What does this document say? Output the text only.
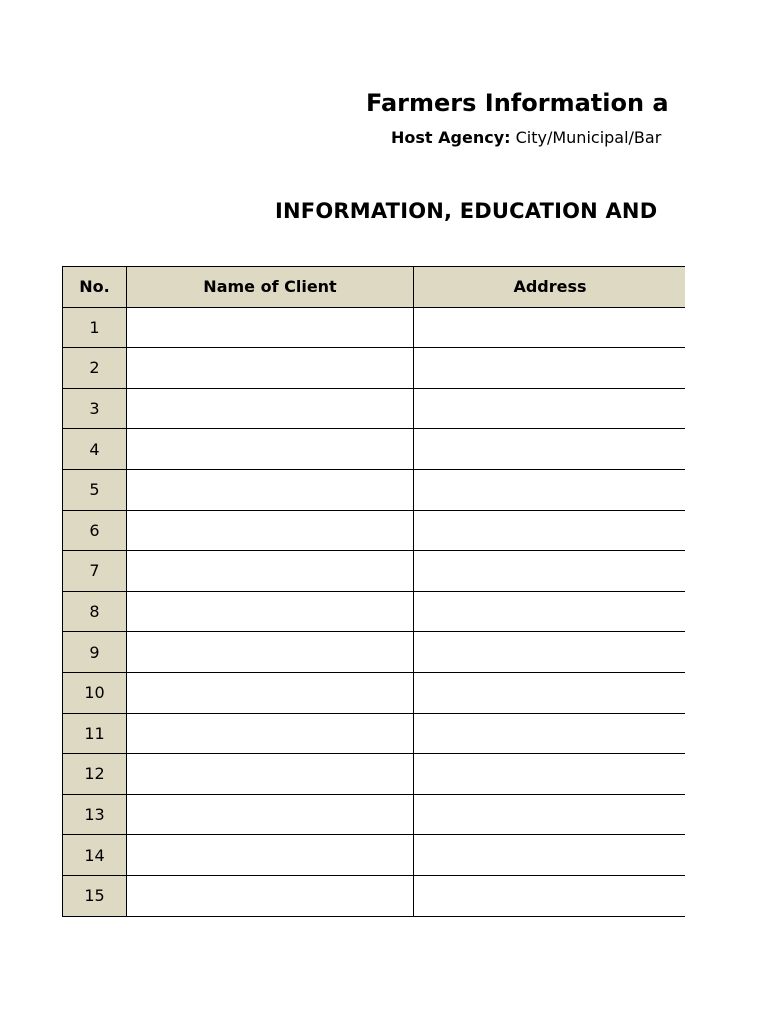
Farmers Information a
Host Agency: City/Municipal/Bar
INFORMATION, EDUCATION AND
No.	Name of Client	Address
1		
2		
3		
4		
5		
6		
7		
8		
9		
10		
11		
12		
13		
14		
15		
